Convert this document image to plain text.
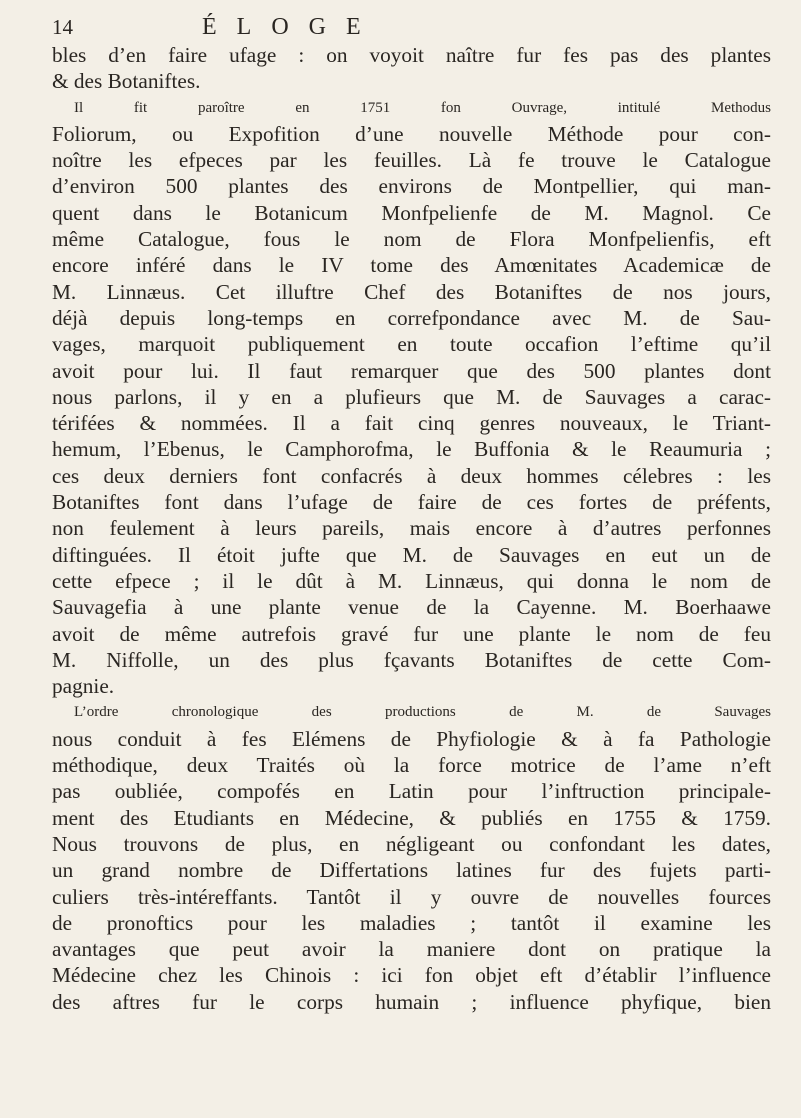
14	ÉLOGE
bles d’en faire ufage : on voyoit naître fur fes pas des plantes
& des Botaniftes.
Il fit paroître en 1751 fon Ouvrage, intitulé Methodus
Foliorum, ou Expofition d’une nouvelle Méthode pour con-
noître les efpeces par les feuilles. Là fe trouve le Catalogue
d’environ 500 plantes des environs de Montpellier, qui man-
quent dans le Botanicum Monfpelienfe de M. Magnol. Ce
même Catalogue, fous le nom de Flora Monfpelienfis, eft
encore inféré dans le IV tome des Amœnitates Academicæ de
M. Linnæus. Cet illuftre Chef des Botaniftes de nos jours,
déjà depuis long-temps en correfpondance avec M. de Sau-
vages, marquoit publiquement en toute occafion l’eftime qu’il
avoit pour lui. Il faut remarquer que des 500 plantes dont
nous parlons, il y en a plufieurs que M. de Sauvages a carac-
térifées & nommées. Il a fait cinq genres nouveaux, le Triant-
hemum, l’Ebenus, le Camphorofma, le Buffonia & le Reaumuria ;
ces deux derniers font confacrés à deux hommes célebres : les
Botaniftes font dans l’ufage de faire de ces fortes de préfents,
non feulement à leurs pareils, mais encore à d’autres perfonnes
diftinguées. Il étoit jufte que M. de Sauvages en eut un de
cette efpece ; il le dût à M. Linnæus, qui donna le nom de
Sauvagefia à une plante venue de la Cayenne. M. Boerhaawe
avoit de même autrefois gravé fur une plante le nom de feu
M. Niffolle, un des plus fçavants Botaniftes de cette Com-
pagnie.
L’ordre chronologique des productions de M. de Sauvages
nous conduit à fes Elémens de Phyfiologie & à fa Pathologie
méthodique, deux Traités où la force motrice de l’ame n’eft
pas oubliée, compofés en Latin pour l’inftruction principale-
ment des Etudiants en Médecine, & publiés en 1755 & 1759.
Nous trouvons de plus, en négligeant ou confondant les dates,
un grand nombre de Differtations latines fur des fujets parti-
culiers très-intéreffants. Tantôt il y ouvre de nouvelles fources
de pronoftics pour les maladies ; tantôt il examine les
avantages que peut avoir la maniere dont on pratique la
Médecine chez les Chinois : ici fon objet eft d’établir l’influence
des aftres fur le corps humain ; influence phyfique, bien
